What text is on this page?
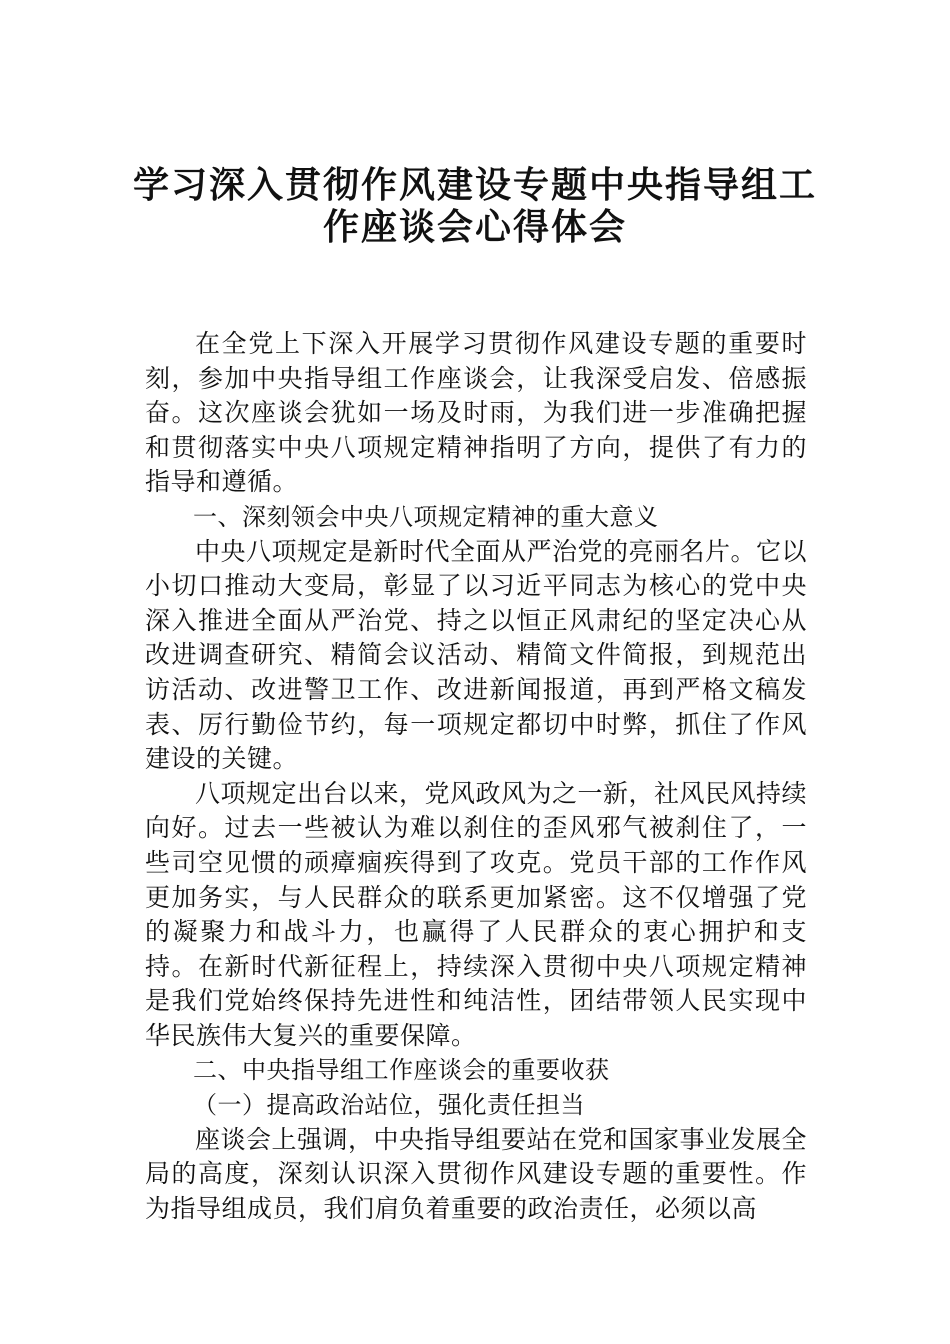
学习深入贯彻作风建设专题中央指导组工
作座谈会心得体会

在全党上下深入开展学习贯彻作风建设专题的重要时刻，参加中央指导组工作座谈会，让我深受启发、倍感振奋。这次座谈会犹如一场及时雨，为我们进一步准确把握和贯彻落实中央八项规定精神指明了方向，提供了有力的指导和遵循。

一、深刻领会中央八项规定精神的重大意义

中央八项规定是新时代全面从严治党的亮丽名片。它以小切口推动大变局，彰显了以习近平同志为核心的党中央深入推进全面从严治党、持之以恒正风肃纪的坚定决心从改进调查研究、精简会议活动、精简文件简报，到规范出访活动、改进警卫工作、改进新闻报道，再到严格文稿发表、厉行勤俭节约，每一项规定都切中时弊，抓住了作风建设的关键。

八项规定出台以来，党风政风为之一新，社风民风持续向好。过去一些被认为难以刹住的歪风邪气被刹住了，一些司空见惯的顽瘴痼疾得到了攻克。党员干部的工作作风更加务实，与人民群众的联系更加紧密。这不仅增强了党的凝聚力和战斗力，也赢得了人民群众的衷心拥护和支持。在新时代新征程上，持续深入贯彻中央八项规定精神是我们党始终保持先进性和纯洁性，团结带领人民实现中华民族伟大复兴的重要保障。

二、中央指导组工作座谈会的重要收获

（一）提高政治站位，强化责任担当

座谈会上强调，中央指导组要站在党和国家事业发展全局的高度，深刻认识深入贯彻作风建设专题的重要性。作为指导组成员，我们肩负着重要的政治责任，必须以高
